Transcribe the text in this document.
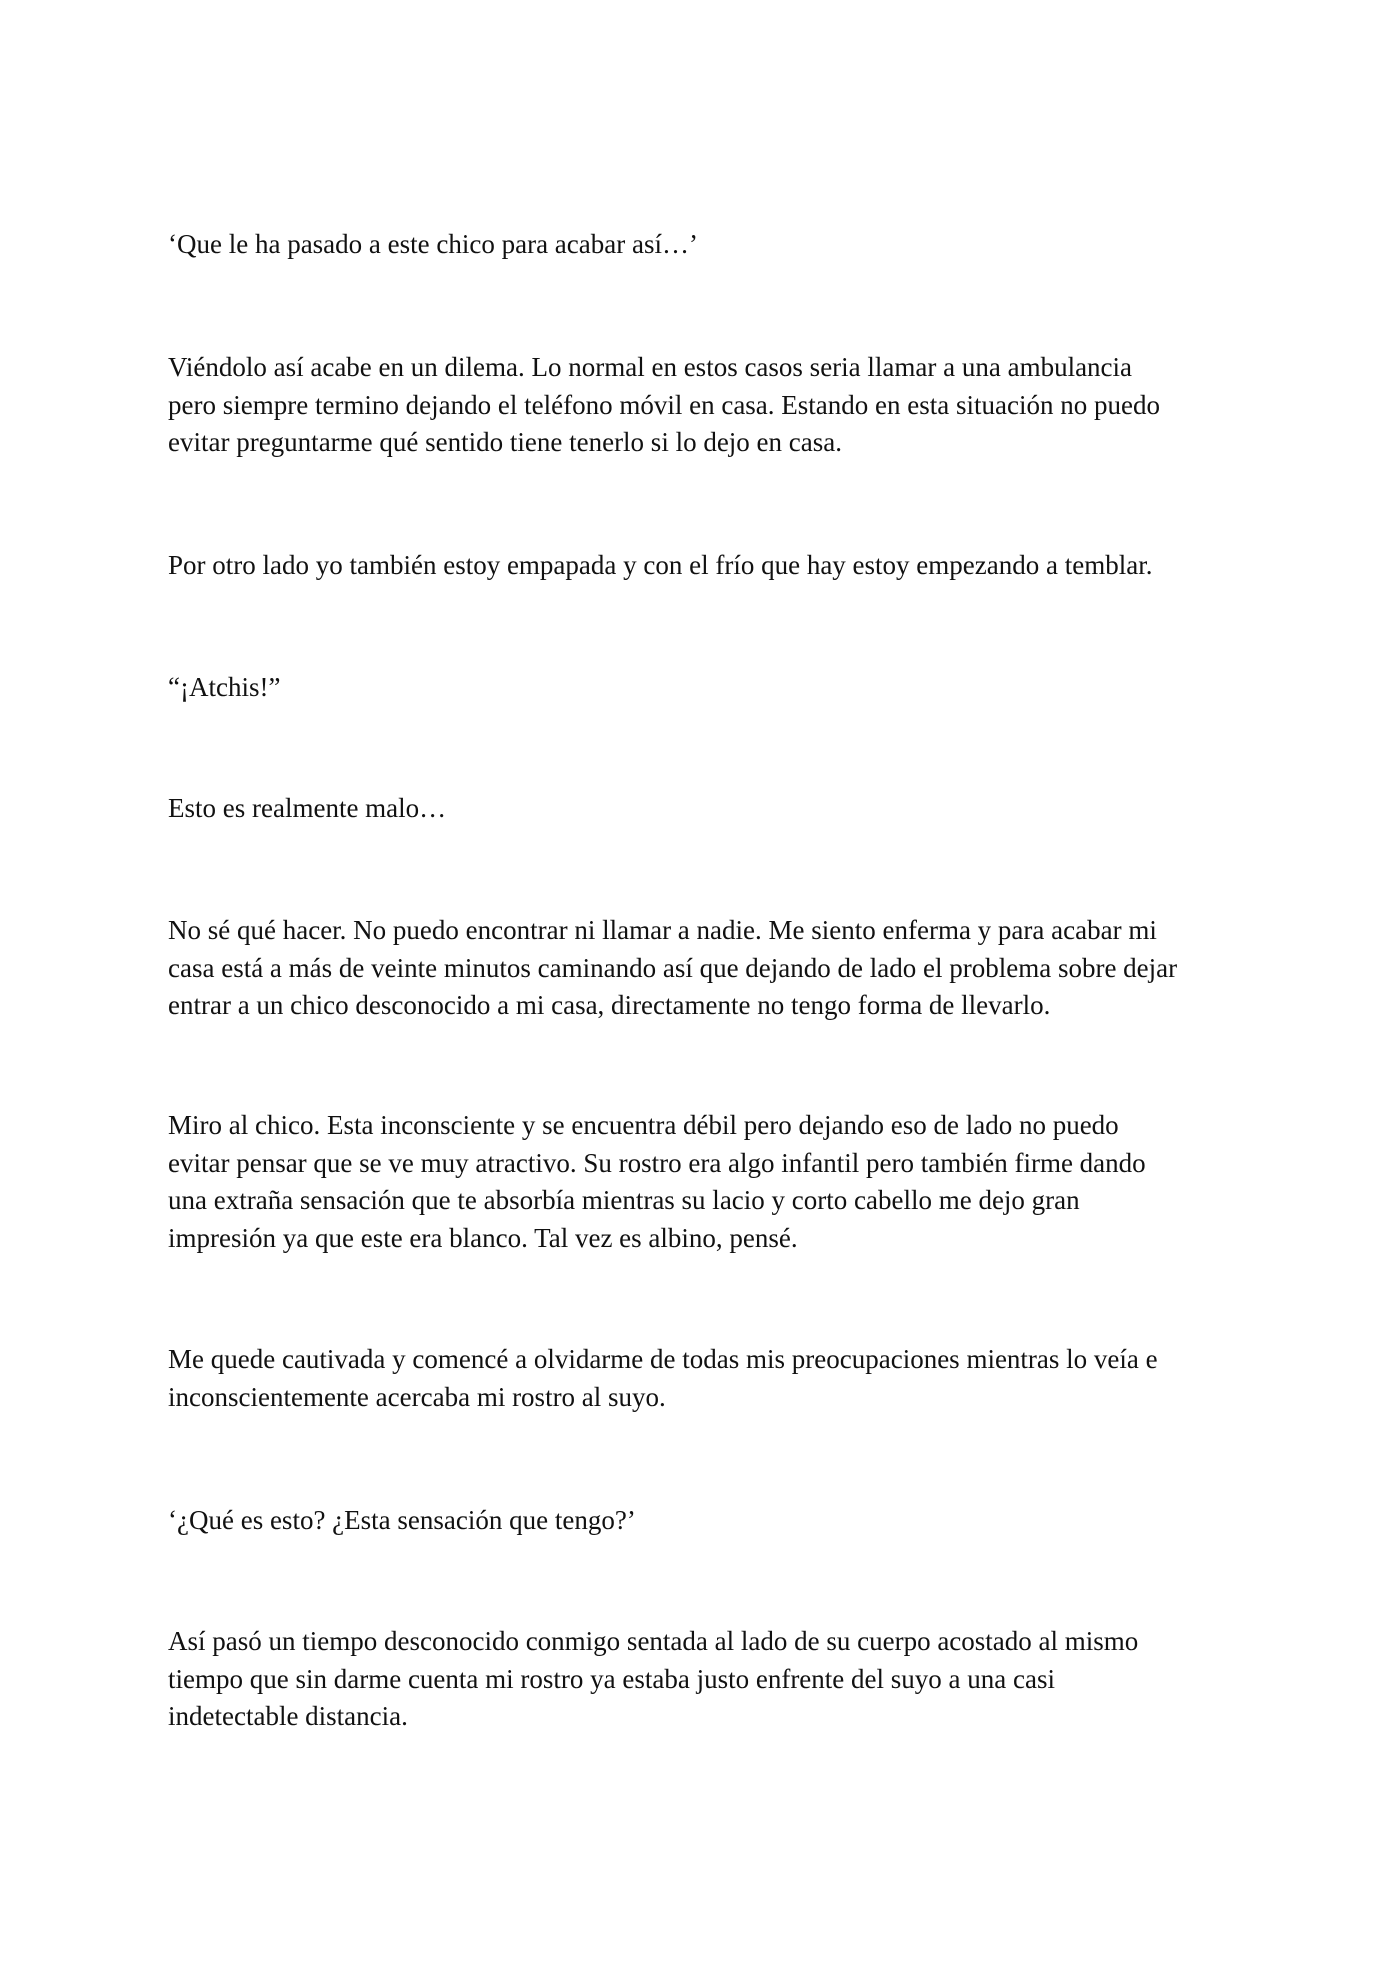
‘Que le ha pasado a este chico para acabar así…’

Viéndolo así acabe en un dilema. Lo normal en estos casos seria llamar a una ambulancia
pero siempre termino dejando el teléfono móvil en casa. Estando en esta situación no puedo
evitar preguntarme qué sentido tiene tenerlo si lo dejo en casa.

Por otro lado yo también estoy empapada y con el frío que hay estoy empezando a temblar.

“¡Atchis!”

Esto es realmente malo…

No sé qué hacer. No puedo encontrar ni llamar a nadie. Me siento enferma y para acabar mi
casa está a más de veinte minutos caminando así que dejando de lado el problema sobre dejar
entrar a un chico desconocido a mi casa, directamente no tengo forma de llevarlo.

Miro al chico. Esta inconsciente y se encuentra débil pero dejando eso de lado no puedo
evitar pensar que se ve muy atractivo. Su rostro era algo infantil pero también firme dando
una extraña sensación que te absorbía mientras su lacio y corto cabello me dejo gran
impresión ya que este era blanco. Tal vez es albino, pensé.

Me quede cautivada y comencé a olvidarme de todas mis preocupaciones mientras lo veía e
inconscientemente acercaba mi rostro al suyo.

‘¿Qué es esto? ¿Esta sensación que tengo?’

Así pasó un tiempo desconocido conmigo sentada al lado de su cuerpo acostado al mismo
tiempo que sin darme cuenta mi rostro ya estaba justo enfrente del suyo a una casi
indetectable distancia.
